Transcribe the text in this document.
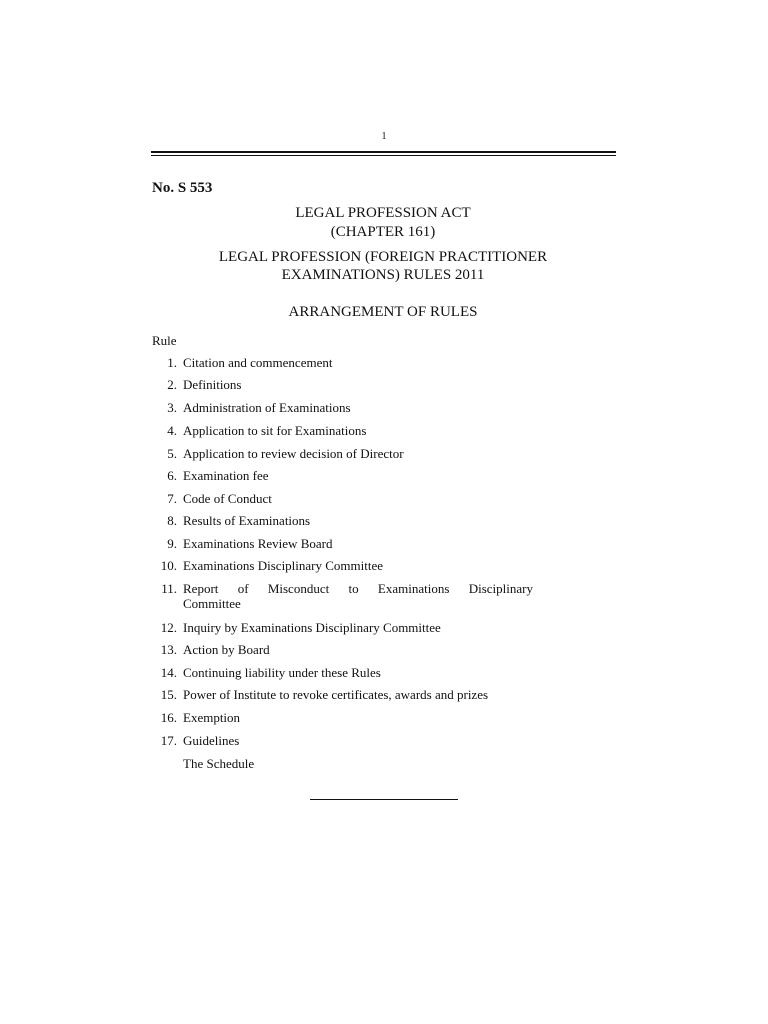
1
No. S 553
LEGAL PROFESSION ACT
(CHAPTER 161)
LEGAL PROFESSION (FOREIGN PRACTITIONER
EXAMINATIONS) RULES 2011
ARRANGEMENT OF RULES
Rule
1. Citation and commencement
2. Definitions
3. Administration of Examinations
4. Application to sit for Examinations
5. Application to review decision of Director
6. Examination fee
7. Code of Conduct
8. Results of Examinations
9. Examinations Review Board
10. Examinations Disciplinary Committee
11. Report of Misconduct to Examinations Disciplinary
Committee
12. Inquiry by Examinations Disciplinary Committee
13. Action by Board
14. Continuing liability under these Rules
15. Power of Institute to revoke certificates, awards and prizes
16. Exemption
17. Guidelines
The Schedule
